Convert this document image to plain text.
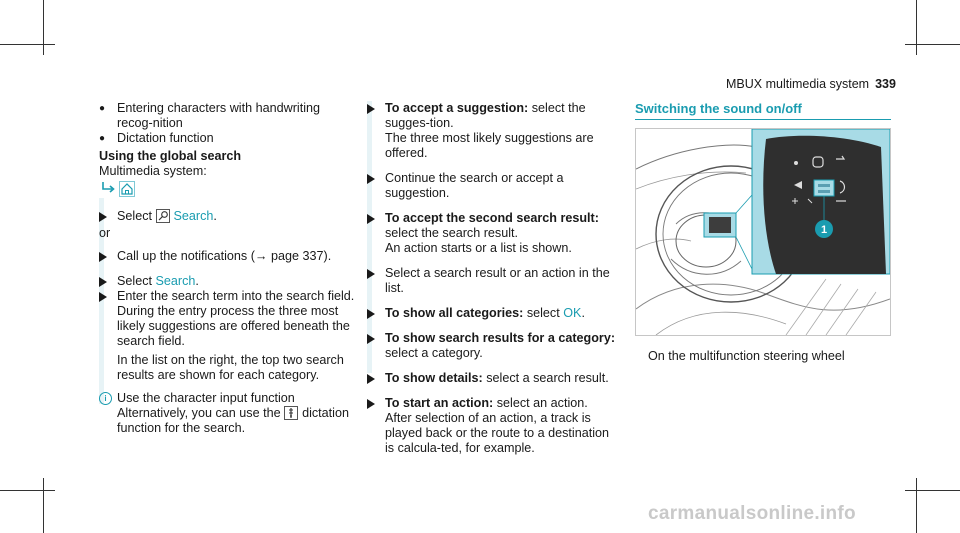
MBUX multimedia system 339
● Entering characters with handwriting recog-nition
● Dictation function
Using the global search
Multimedia system:
Select Search.
or
Call up the notifications (→ page 337).
Select Search.
Enter the search term into the search field. During the entry process the three most likely suggestions are offered beneath the search field.
In the list on the right, the top two search results are shown for each category.
i Use the character input function Alternatively, you can use the dictation function for the search.
To accept a suggestion: select the sugges-tion.
The three most likely suggestions are offered.
Continue the search or accept a suggestion.
To accept the second search result: select the search result.
An action starts or a list is shown.
Select a search result or an action in the list.
To show all categories: select OK.
To show search results for a category: select a category.
To show details: select a search result.
To start an action: select an action.
After selection of an action, a track is played back or the route to a destination is calcula-ted, for example.
Switching the sound on/off
1
On the multifunction steering wheel
carmanualsonline.info
